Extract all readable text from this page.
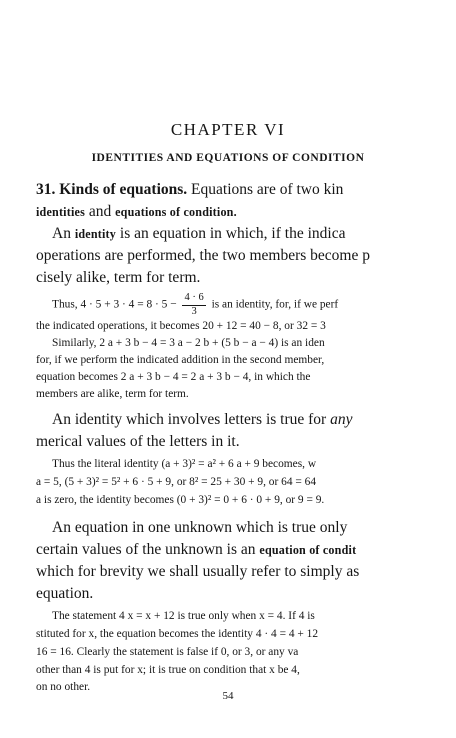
CHAPTER VI
IDENTITIES AND EQUATIONS OF CONDITION
31. Kinds of equations. Equations are of two kin
identities and equations of condition.
An identity is an equation in which, if the indica
operations are performed, the two members become p
cisely alike, term for term.
Thus, $4 \cdot 5 + 3 \cdot 4 = 8 \cdot 5 - \frac{4 \cdot 6}{3}$ is an identity, for, if we perf
the indicated operations, it becomes 20 + 12 = 40 − 8, or 32 = 3
Similarly, 2 a + 3 b − 4 = 3 a − 2 b + (5 b − a − 4) is an iden
for, if we perform the indicated addition in the second member,
equation becomes 2 a + 3 b − 4 = 2 a + 3 b − 4, in which the
members are alike, term for term.
An identity which involves letters is true for any
merical values of the letters in it.
Thus the literal identity (a + 3)² = a² + 6 a + 9 becomes, w
a = 5, (5 + 3)² = 5² + 6 · 5 + 9, or 8² = 25 + 30 + 9, or 64 = 64
a is zero, the identity becomes (0 + 3)² = 0 + 6 · 0 + 9, or 9 = 9.
An equation in one unknown which is true only
certain values of the unknown is an equation of condit
which for brevity we shall usually refer to simply as
equation.
The statement 4 x = x + 12 is true only when x = 4. If 4 is
stituted for x, the equation becomes the identity 4 · 4 = 4 + 12
16 = 16. Clearly the statement is false if 0, or 3, or any va
other than 4 is put for x; it is true on condition that x be 4,
on no other.
54
